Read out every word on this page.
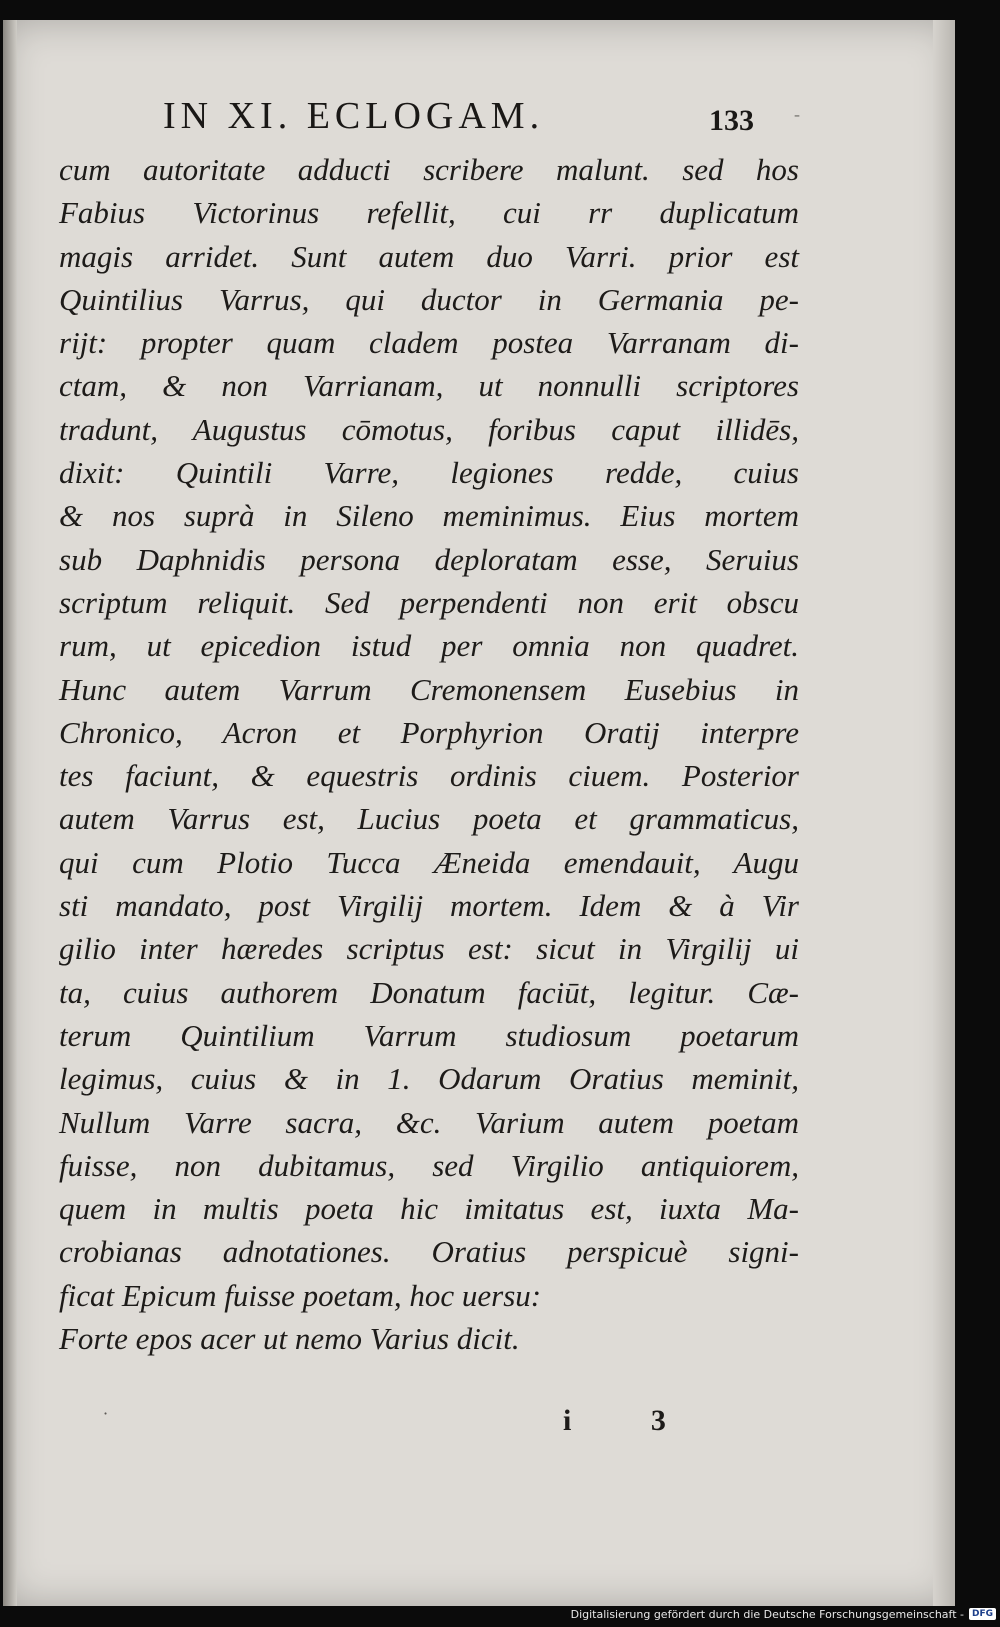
IN XI. ECLOGAM.	133 ˉ
cum autoritate adducti scribere malunt. sed hos
Fabius Victorinus refellit, cui rr duplicatum
magis arridet. Sunt autem duo Varri. prior est
Quintilius Varrus, qui ductor in Germania pe-
rijt: propter quam cladem postea Varranam di-
ctam, & non Varrianam, ut nonnulli scriptores
tradunt, Augustus cōmotus, foribus caput illidēs,
dixit: Quintili Varre, legiones redde, cuius
& nos suprà in Sileno meminimus. Eius mortem
sub Daphnidis persona deploratam esse, Seruius
scriptum reliquit. Sed perpendenti non erit obscu
rum, ut epicedion istud per omnia non quadret.
Hunc autem Varrum Cremonensem Eusebius in
Chronico, Acron et Porphyrion Oratij interpre
tes faciunt, & equestris ordinis ciuem. Posterior
autem Varrus est, Lucius poeta et grammaticus,
qui cum Plotio Tucca Æneida emendauit, Augu
sti mandato, post Virgilij mortem. Idem & à Vir
gilio inter hæredes scriptus est: sicut in Virgilij ui
ta, cuius authorem Donatum faciūt, legitur. Cæ-
terum Quintilium Varrum studiosum poetarum
legimus, cuius & in 1. Odarum Oratius meminit,
Nullum Varre sacra, &c. Varium autem poetam
fuisse, non dubitamus, sed Virgilio antiquiorem,
quem in multis poeta hic imitatus est, iuxta Ma-
crobianas adnotationes. Oratius perspicuè signi-
ficat Epicum fuisse poetam, hoc uersu:
Forte epos acer ut nemo Varius dicit.
·	i 3
Digitalisierung gefördert durch die Deutsche Forschungsgemeinschaft - DFG
